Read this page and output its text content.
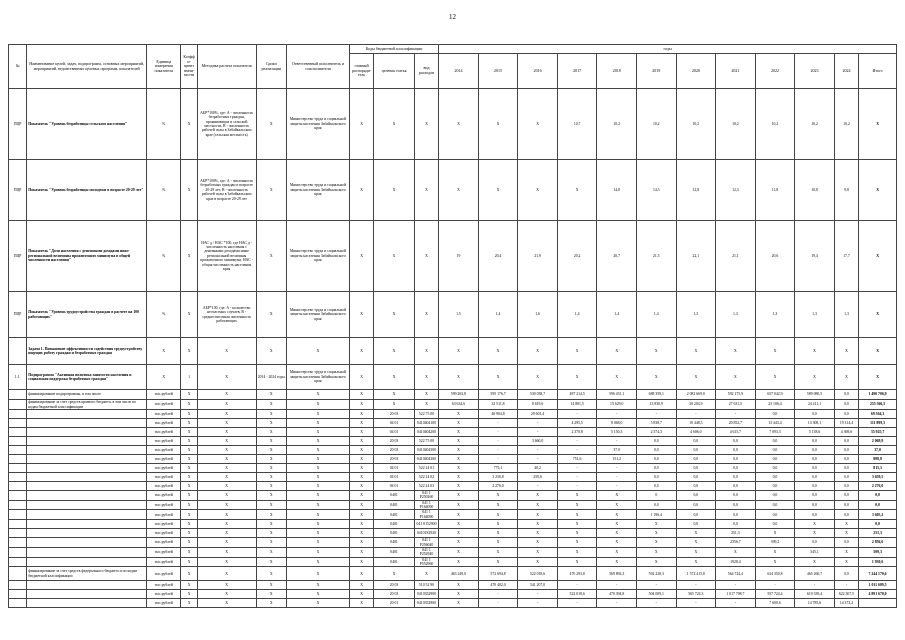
12
№	Наименование целей, задач, подпрограмм, основных мероприятий, мероприятий, ведомственных целевых программ, показателей	Единица измерения показателя	Коэффи-циент значи-мости	Методика расчета показателя	Сроки реализации	Ответственный исполнитель и соисполнители	Коды бюджетной классификации			годы											
							главный распоряди-тель	целевая статья	вид расходов	2014	2015	2016	2017	2018	2019	2020	2021	2022	2023	2024	Итого
ПЦР	Показатель "Уровень безработицы сельского населения"	%	X	АБР*100%, где: А - численность безработных граждан, проживающих в сельской местности, В - численность рабочей силы в Забайкальском крае (сельская местность)	X	Министерство труда и социальной защиты населения Забайкальского края	X	X	X	X	X	X	10,7	10,2	10,2	10,2	10,2	10,2	10,2	10,2	X
ПЦР	Показатель "Уровень безработицы молодежи в возрасте 20-29 лет"	%	X	АБР*100%, где: А - численность безработных граждан в возрасте 20-29 лет, В - численность рабочей силы в Забайкальском крае в возрасте 20-29 лет	X	Министерство труда и социальной защиты населения Забайкальского края	X	X	X	X	X	X	X	14,8	14,5	12,8	12,3	11,8	10,8	9,8	X
ПЦР	Показатель "Доля населения с денежными доходами ниже региональной величины прожиточного минимума в общей численности населения"	%	X	НАС д / НАС *100, где НАС д - численность населения с денежными доходами ниже региональной величины прожиточного минимума, НАС - общая численность населения края	X	Министерство труда и социальной защиты населения Забайкальского края	X	X	X	19	20,4	21,9	20,2	20,7	21,5	22,1	21,1	20,6	19,4	17,7	X
ПЦР	Показатель "Уровень трудоустройства граждан в расчете на 100 работающих"	%	X	АБР*100, где: А - количество несчастных случаев, В - среднесписочная численность работающих	X	Министерство труда и социальной защиты населения Забайкальского края	X	X	X	1,5	1,4	1,6	1,4	1,4	1,4	1,3	1,3	1,3	1,3	1,3	X
	Задача 1. Повышение эффективности содействия трудоустройству ищущих работу граждан и безработных граждан	X	X	X	X	X	X	X	X	X	X	X	X	X	X	X	X	X	X	X	X
1.1.	Подпрограмма "Активная политика занятости населения и социальная поддержка безработных граждан"	X	1	X	2014 - 2024 годы	Министерство труда и социальной защиты населения Забайкальского края	X	X	X	X	X	X	X	X	X	X	X	X	X	X	X
	финансирование подпрограммы, в том числе	тыс.рублей	X	X	X	X	X	X	X	599 263,8	595 176,7	530 038,7	487 214,5	596 431,1	688 359,1	2 082 669,0	592 175,9	657 042,9	589 080,5	0,0	1 490 706,9
	финансирование за счет средств краевого бюджета, в том числе по кодам бюджетной классификации	тыс.рублей	X	X	X	X	X	X	X	63 634,6	32 511,8	8 619,6	14 881,5	15 629,0	13 830,9	30 204,9	27 631,5	23 106,4	24 411,1	0,0	255 566,5
		тыс.рублей	X	X	X	X	X	20 03	522 75 00	X	46 904,8	29 601,4	-	-	-	-	-	0,0	0,0	0,0	69 564,3
		тыс.рублей	X	X	X	X	X	04 01	0410404100	X	-	-	4 295,5	8 068,0	5 838,7	10 448,5	20 852,7	13 443,4	13 308,1	19 314,4	111 899,3
		тыс.рублей	X	X	X	X	X	04 01	0410404200	X	-	-	2 370,8	5 150,3	2 574,3	4 606,0	4 615,7	7 093,3	5 138,6	4 369,6	35 925,7
		тыс.рублей	X	X	X	X	X	20 03	522 75 00	X	-	3 660,0	-	-	0,0	0,0	0,0	0,0	0,0	0,0	2 069,9
		тыс.рублей	X	X	X	X	X	20 03	0410404300	X	-	-	-	37,0	0,0	0,0	0,0	0,0	0,0	0,0	37,0
		тыс.рублей	X	X	X	X	X	20 03	0410404300	X	-	-	751,6	151,2	0,0	0,0	0,0	0,0	0,0	0,0	908,8
		тыс.рублей	X	X	X	X	X	04 01	522 24 01	X	775,1	40,2	-	-	0,0	0,0	0,0	0,0	0,0	0,0	815,3
		тыс.рублей	X	X	X	X	X	04 01	522 24 02	X	3 230,8	259,6	-	-	0,0	0,0	0,0	0,0	0,0	0,0	3 659,5
		тыс.рублей	X	X	X	X	X	04 01	522 24 03	X	2 276,0	-	-	-	0,0	0,0	0,0	0,0	0,0	0,0	2 276,0
		тыс.рублей	X	X	X	X	X	0401	041 1 P250260	X	X	X	X	X	0	0,0	0,0	0,0	0,0	0,0	0,0
		тыс.рублей	X	X	X	X	X	0401	041 1 P164090	X	X	X	X	X	0,0	0,0	0,0	0,0	0,0	0,0	0,0
		тыс.рублей	X	X	X	X	X	0401	041 1 P164090	X	X	X	X	X	1 196,4	0,0	0,0	0,0	0,0	0,0	3 605,2
		тыс.рублей	X	X	X	X	X	0401	041 0152900	X	X	X	X	X	X	0,0	0,0	0,0	X	X	0,0
		тыс.рублей	X	X	X	X	X	0401	04101S2920	X	X	X	X	X	X	X	251,3	X	X	X	251,3
		тыс.рублей	X	X	X	X	X	0401	041 1 P256040	X	X	X	X	X	X	X	2356,7	399,2	0,0	0,0	2 856,6
		тыс.рублей	X	X	X	X	X	0401	041 1 P252940	X	X	X	X	X	X	X	X	X	345,1	X	509,3
		тыс.рублей	X	X	X	X	X	0401	041 1 P552960	X	X	X	X	X	X	X	1928,4	X	X	X	1 930,6
	финансирование за счет средств федерального бюджета и по кодам бюджетной классификации	тыс.рублей	X	X	X	X	X	X	X	463 249,0	572 694,8	522 018,6	470 293,8	569 892,3	592 228,3	1 572 415,8	564 724,4	634 350,8	465 260,7	0,0	7 244 170,6
		тыс.рублей	X	X	X	X	X	20 03	510 52 90	X	470 402,0	541 207,0	-	-	-	-	-	-	-	-	1 011 609,5
		тыс.рублей	X	X	X	X	X	20 03	0410352900	X	-	-	522 018,6	470 394,8	504 009,1	565 724,3	1 017 708,7	557 724,4	619 339,4	622 307,5	4 891 670,0
		тыс.рублей	X	X	X	X	X	20 01	0410352900	X	-	-	-	-	-	-	-	7 600,6	14 785,6	14 372,2	
